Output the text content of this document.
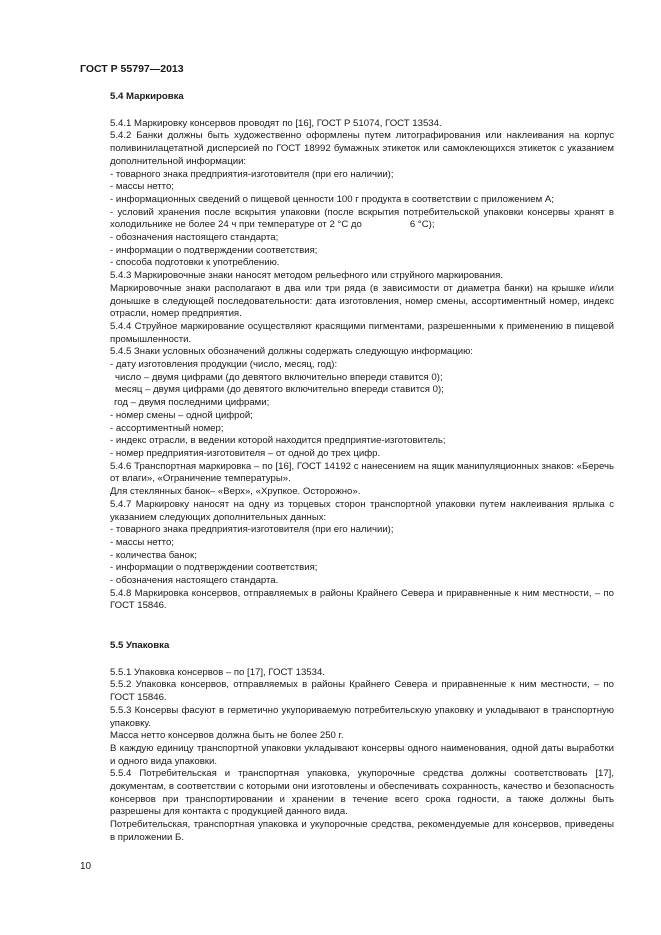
ГОСТ Р 55797—2013

5.4 Маркировка

5.4.1 Маркировку консервов проводят по [16], ГОСТ Р 51074, ГОСТ 13534.

5.4.2 Банки должны быть художественно оформлены путем литографирования или наклеивания на корпус поливинилацетатной дисперсией по ГОСТ 18992 бумажных этикеток или самоклеющихся этикеток с указанием дополнительной информации:

- товарного знака предприятия-изготовителя (при его наличии);

- массы нетто;

- информационных сведений о пищевой ценности 100 г продукта в соответствии с приложением А;

- условий хранения после вскрытия упаковки (после вскрытия потребительской упаковки консервы хранят в холодильнике не более 24 ч при температуре от 2 °С до	6 °С);

- обозначения настоящего стандарта;

- информации о подтверждении соответствия;

- способа подготовки к употреблению.

5.4.3 Маркировочные знаки наносят методом рельефного или струйного маркирования.

Маркировочные знаки располагают в два или три ряда (в зависимости от диаметра банки) на крышке и/или донышке в следующей последовательности: дата изготовления, номер смены, ассортиментный номер, индекс отрасли, номер предприятия.

5.4.4 Струйное маркирование осуществляют красящими пигментами, разрешенными к применению в пищевой промышленности.

5.4.5 Знаки условных обозначений должны содержать следующую информацию:

- дату изготовления продукции (число, месяц, год):

число – двумя цифрами (до девятого включительно впереди ставится 0);

месяц – двумя цифрами (до девятого включительно впереди ставится 0);

год – двумя последними цифрами;

- номер смены – одной цифрой;

- ассортиментный номер;

- индекс отрасли, в ведении которой находится предприятие-изготовитель;

- номер предприятия-изготовителя – от одной до трех цифр.

5.4.6 Транспортная маркировка – по [16], ГОСТ 14192 с нанесением на ящик манипуляционных знаков: «Беречь от влаги», «Ограничение температуры».

Для стеклянных банок– «Верх», «Хрупкое. Осторожно».

5.4.7 Маркировку наносят на одну из торцевых сторон транспортной упаковки путем наклеивания ярлыка с указанием следующих дополнительных данных:

- товарного знака предприятия-изготовителя (при его наличии);

- массы нетто;

- количества банок;

- информации о подтверждении соответствия;

- обозначения настоящего стандарта.

5.4.8 Маркировка консервов, отправляемых в районы Крайнего Севера и приравненные к ним местности, – по ГОСТ 15846.

5.5 Упаковка

5.5.1 Упаковка консервов – по [17], ГОСТ 13534.

5.5.2 Упаковка консервов, отправляемых в районы Крайнего Севера и приравненные к ним местности, – по ГОСТ 15846.

5.5.3 Консервы фасуют в герметично укупориваемую потребительскую упаковку и укладывают в транспортную упаковку.

Масса нетто консервов должна быть не более 250 г.

В каждую единицу транспортной упаковки укладывают консервы одного наименования, одной даты выработки и одного вида упаковки.

5.5.4 Потребительская и транспортная упаковка, укупорочные средства должны соответствовать [17], документам, в соответствии с которыми они изготовлены и обеспечивать сохранность, качество и безопасность консервов при транспортировании и хранении в течение всего срока годности, а также должны быть разрешены для контакта с продукцией данного вида.

Потребительская, транспортная упаковка и укупорочные средства, рекомендуемые для консервов, приведены в приложении Б.

10
